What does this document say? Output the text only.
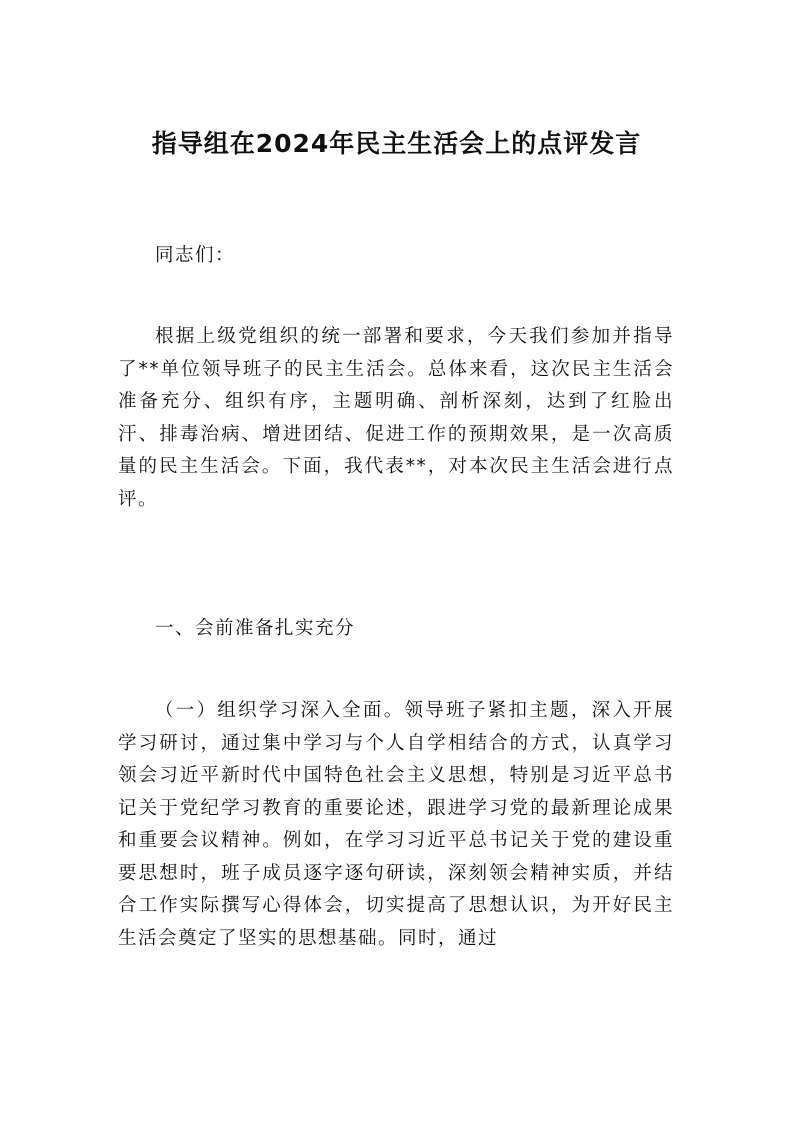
指导组在2024年民主生活会上的点评发言

同志们：

根据上级党组织的统一部署和要求，今天我们参加并指导了**单位领导班子的民主生活会。总体来看，这次民主生活会准备充分、组织有序，主题明确、剖析深刻，达到了红脸出汗、排毒治病、增进团结、促进工作的预期效果，是一次高质量的民主生活会。下面，我代表**，对本次民主生活会进行点评。

一、会前准备扎实充分

（一）组织学习深入全面。领导班子紧扣主题，深入开展学习研讨，通过集中学习与个人自学相结合的方式，认真学习领会习近平新时代中国特色社会主义思想，特别是习近平总书记关于党纪学习教育的重要论述，跟进学习党的最新理论成果和重要会议精神。例如，在学习习近平总书记关于党的建设重要思想时，班子成员逐字逐句研读，深刻领会精神实质，并结合工作实际撰写心得体会，切实提高了思想认识，为开好民主生活会奠定了坚实的思想基础。同时，通过
